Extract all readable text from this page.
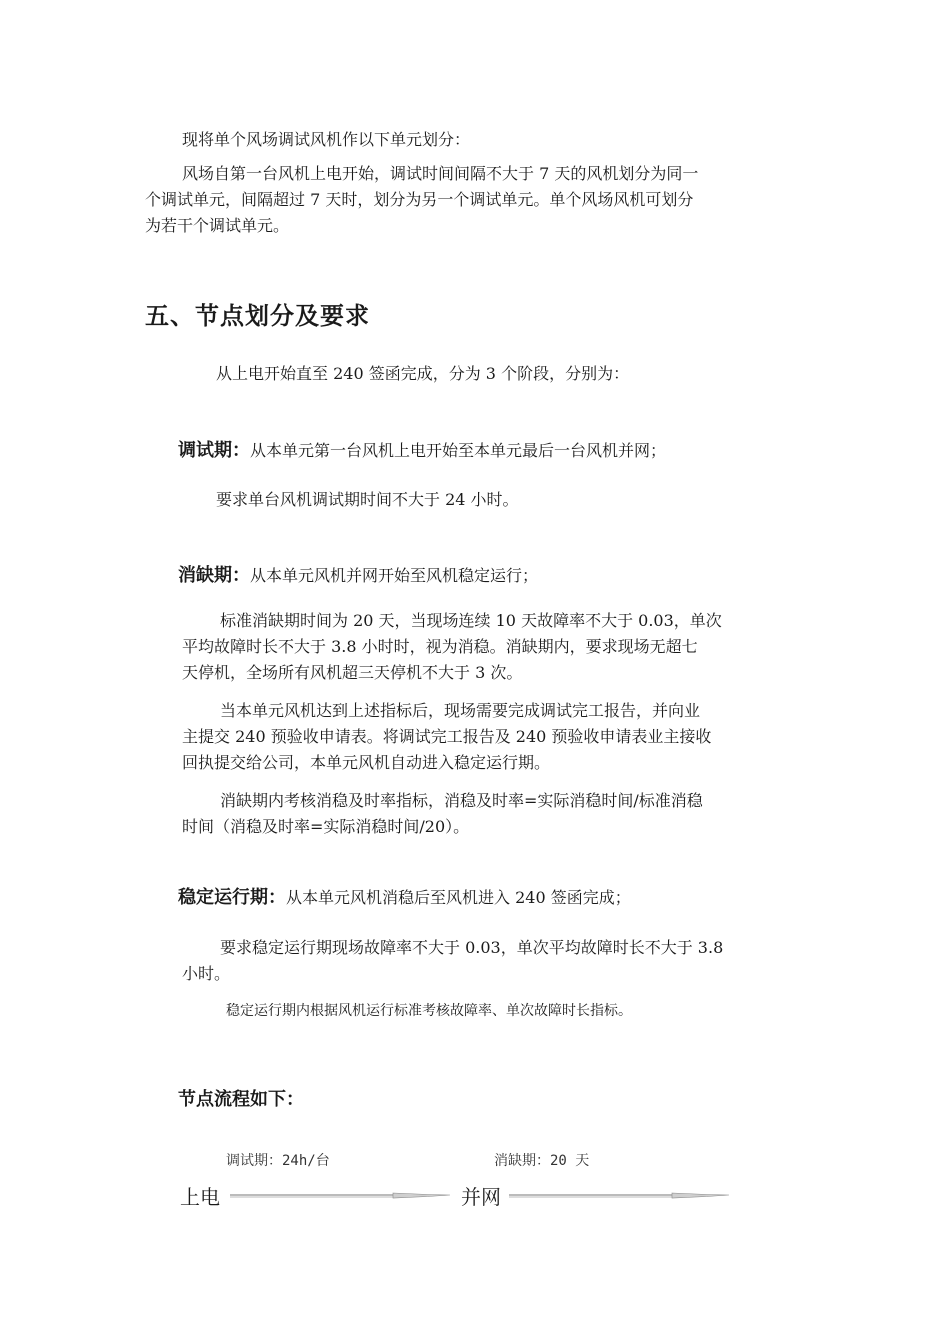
现将单个风场调试风机作以下单元划分：
风场自第一台风机上电开始，调试时间间隔不大于 7 天的风机划分为同一
个调试单元，间隔超过 7 天时，划分为另一个调试单元。单个风场风机可划分
为若干个调试单元。
五、节点划分及要求
从上电开始直至 240 签函完成，分为 3 个阶段，分别为：
调试期：从本单元第一台风机上电开始至本单元最后一台风机并网；
要求单台风机调试期时间不大于 24 小时。
消缺期：从本单元风机并网开始至风机稳定运行；
标准消缺期时间为 20 天，当现场连续 10 天故障率不大于 0.03，单次
平均故障时长不大于 3.8 小时时，视为消稳。消缺期内，要求现场无超七
天停机，全场所有风机超三天停机不大于 3 次。
当本单元风机达到上述指标后，现场需要完成调试完工报告，并向业
主提交 240 预验收申请表。将调试完工报告及 240 预验收申请表业主接收
回执提交给公司，本单元风机自动进入稳定运行期。
消缺期内考核消稳及时率指标，消稳及时率=实际消稳时间/标准消稳
时间（消稳及时率=实际消稳时间/20）。
稳定运行期：从本单元风机消稳后至风机进入 240 签函完成；
要求稳定运行期现场故障率不大于 0.03，单次平均故障时长不大于 3.8
小时。
稳定运行期内根据风机运行标准考核故障率、单次故障时长指标。
节点流程如下：
调试期：24h/台	消缺期：20 天
上电	并网
